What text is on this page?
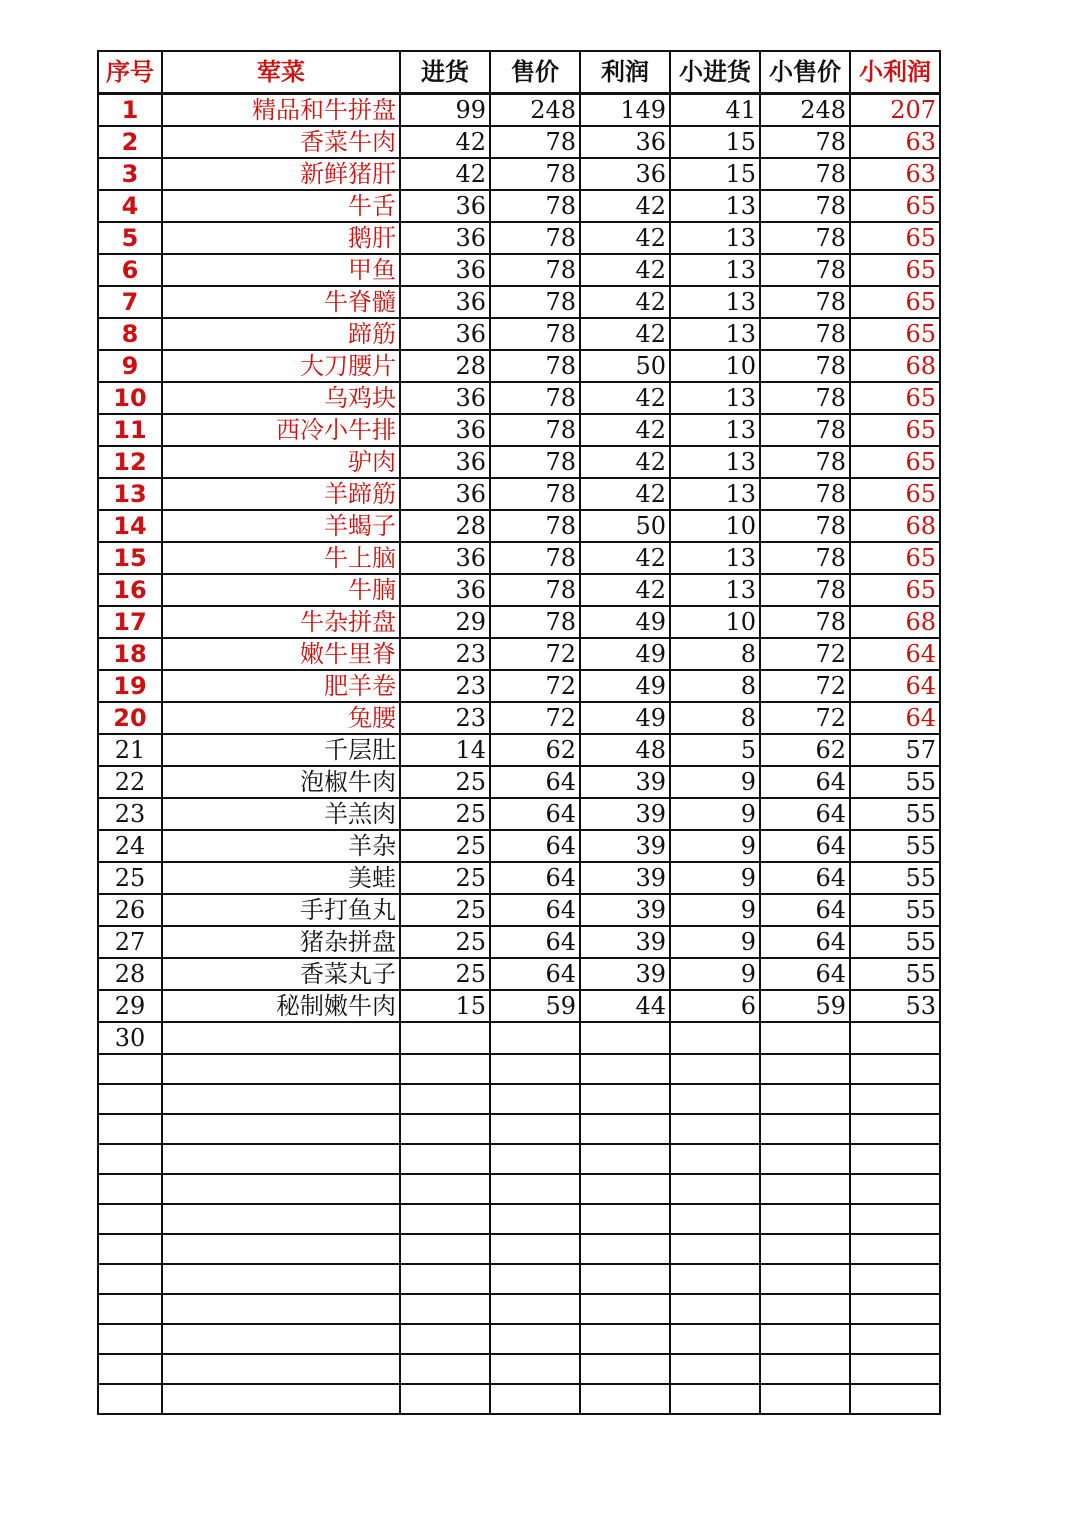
序号	荤菜	进货	售价	利润	小进货	小售价	小利润
1	精品和牛拼盘	99	248	149	41	248	207
2	香菜牛肉	42	78	36	15	78	63
3	新鲜猪肝	42	78	36	15	78	63
4	牛舌	36	78	42	13	78	65
5	鹅肝	36	78	42	13	78	65
6	甲鱼	36	78	42	13	78	65
7	牛脊髓	36	78	42	13	78	65
8	蹄筋	36	78	42	13	78	65
9	大刀腰片	28	78	50	10	78	68
10	乌鸡块	36	78	42	13	78	65
11	西冷小牛排	36	78	42	13	78	65
12	驴肉	36	78	42	13	78	65
13	羊蹄筋	36	78	42	13	78	65
14	羊蝎子	28	78	50	10	78	68
15	牛上脑	36	78	42	13	78	65
16	牛腩	36	78	42	13	78	65
17	牛杂拼盘	29	78	49	10	78	68
18	嫩牛里脊	23	72	49	8	72	64
19	肥羊卷	23	72	49	8	72	64
20	兔腰	23	72	49	8	72	64
21	千层肚	14	62	48	5	62	57
22	泡椒牛肉	25	64	39	9	64	55
23	羊羔肉	25	64	39	9	64	55
24	羊杂	25	64	39	9	64	55
25	美蛙	25	64	39	9	64	55
26	手打鱼丸	25	64	39	9	64	55
27	猪杂拼盘	25	64	39	9	64	55
28	香菜丸子	25	64	39	9	64	55
29	秘制嫩牛肉	15	59	44	6	59	53
30							
